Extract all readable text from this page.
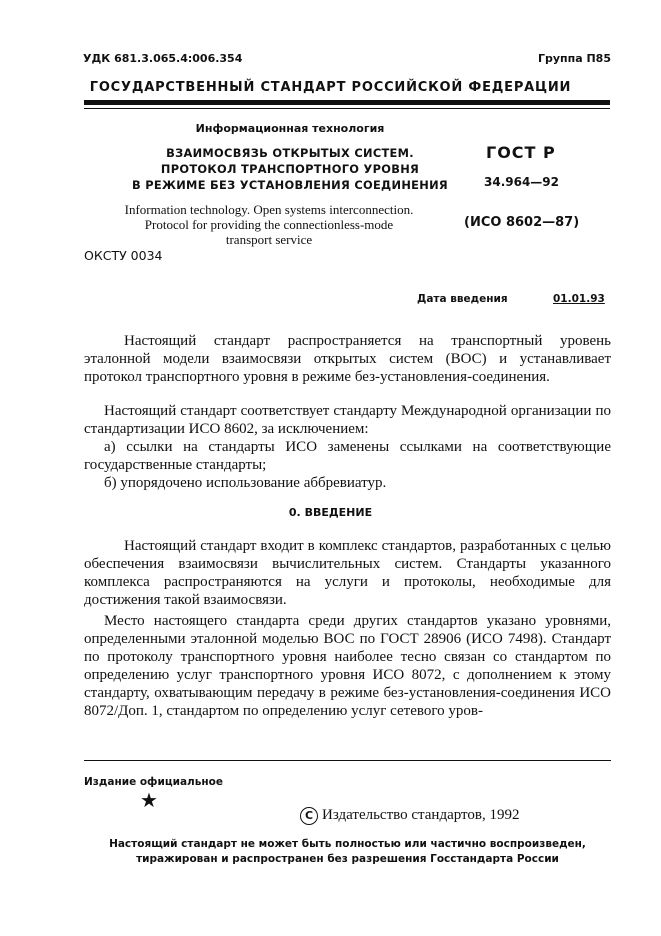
УДК 681.3.065.4:006.354	Группа П85
ГОСУДАРСТВЕННЫЙ СТАНДАРТ РОССИЙСКОЙ ФЕДЕРАЦИИ
Информационная технология
ВЗАИМОСВЯЗЬ ОТКРЫТЫХ СИСТЕМ.
ПРОТОКОЛ ТРАНСПОРТНОГО УРОВНЯ
В РЕЖИМЕ БЕЗ УСТАНОВЛЕНИЯ СОЕДИНЕНИЯ
ГОСТ Р
34.964—92
Information technology. Open systems interconnection.
Protocol for providing the connectionless-mode
transport service
(ИСО 8602—87)
ОКСТУ 0034
Дата введения	01.01.93

Настоящий стандарт распространяется на транспортный уровень эталонной модели взаимосвязи открытых систем (ВОС) и устанавливает протокол транспортного уровня в режиме без-установления-соединения.

Настоящий стандарт соответствует стандарту Международной организации по стандартизации ИСО 8602, за исключением:

а) ссылки на стандарты ИСО заменены ссылками на соответствующие государственные стандарты;

б) упорядочено использование аббревиатур.

0. ВВЕДЕНИЕ

Настоящий стандарт входит в комплекс стандартов, разработанных с целью обеспечения взаимосвязи вычислительных систем. Стандарты указанного комплекса распространяются на услуги и протоколы, необходимые для достижения такой взаимосвязи.

Место настоящего стандарта среди других стандартов указано уровнями, определенными эталонной моделью ВОС по ГОСТ 28906 (ИСО 7498). Стандарт по протоколу транспортного уровня наиболее тесно связан со стандартом по определению услуг транспортного уровня ИСО 8072, с дополнением к этому стандарту, охватывающим передачу в режиме без-установления-соединения ИСО 8072/Доп. 1, стандартом по определению услуг сетевого уров-

Издание официальное
★
С Издательство стандартов, 1992
Настоящий стандарт не может быть полностью или частично воспроизведен,
тиражирован и распространен без разрешения Госстандарта России
